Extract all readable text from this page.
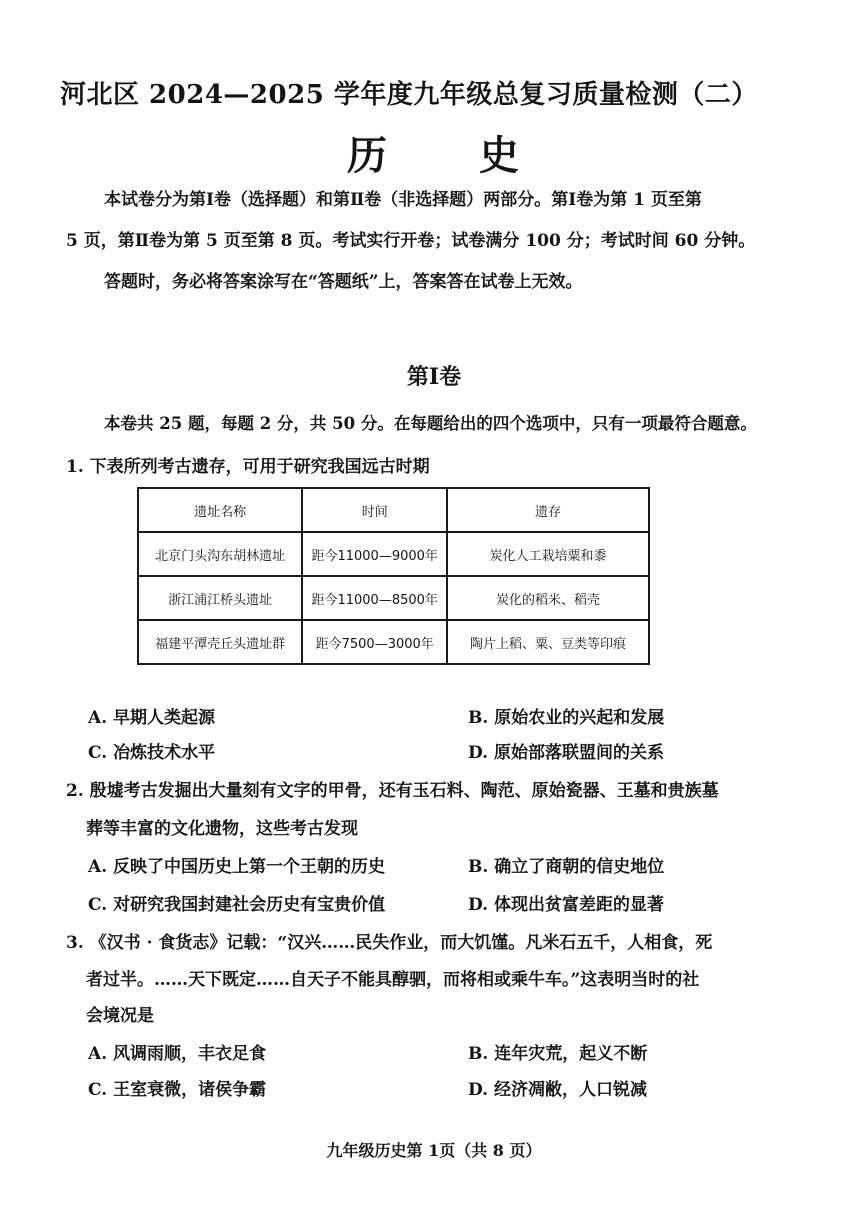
河北区 2024—2025 学年度九年级总复习质量检测（二）
历 史

本试卷分为第Ⅰ卷（选择题）和第Ⅱ卷（非选择题）两部分。第Ⅰ卷为第 1 页至第

5 页，第Ⅱ卷为第 5 页至第 8 页。考试实行开卷；试卷满分 100 分；考试时间 60 分钟。

答题时，务必将答案涂写在“答题纸”上，答案答在试卷上无效。

第Ⅰ卷
本卷共 25 题，每题 2 分，共 50 分。在每题给出的四个选项中，只有一项最符合题意。
1. 下表所列考古遗存，可用于研究我国远古时期
遗址名称	时间	遗存
北京门头沟东胡林遗址	距今11000—9000年	炭化人工栽培粟和黍
浙江浦江桥头遗址	距今11000—8500年	炭化的稻米、稻壳
福建平潭壳丘头遗址群	距今7500—3000年	陶片上稻、粟、豆类等印痕
A. 早期人类起源	B. 原始农业的兴起和发展
C. 冶炼技术水平	D. 原始部落联盟间的关系
2. 殷墟考古发掘出大量刻有文字的甲骨，还有玉石料、陶范、原始瓷器、王墓和贵族墓
葬等丰富的文化遗物，这些考古发现
A. 反映了中国历史上第一个王朝的历史	B. 确立了商朝的信史地位
C. 对研究我国封建社会历史有宝贵价值	D. 体现出贫富差距的显著
3. 《汉书 · 食货志》记载：“汉兴……民失作业，而大饥馑。凡米石五千，人相食，死
者过半。……天下既定……自天子不能具醇驷，而将相或乘牛车。”这表明当时的社
会境况是
A. 风调雨顺，丰衣足食	B. 连年灾荒，起义不断
C. 王室衰微，诸侯争霸	D. 经济凋敝，人口锐减
九年级历史第 1页（共 8 页）
